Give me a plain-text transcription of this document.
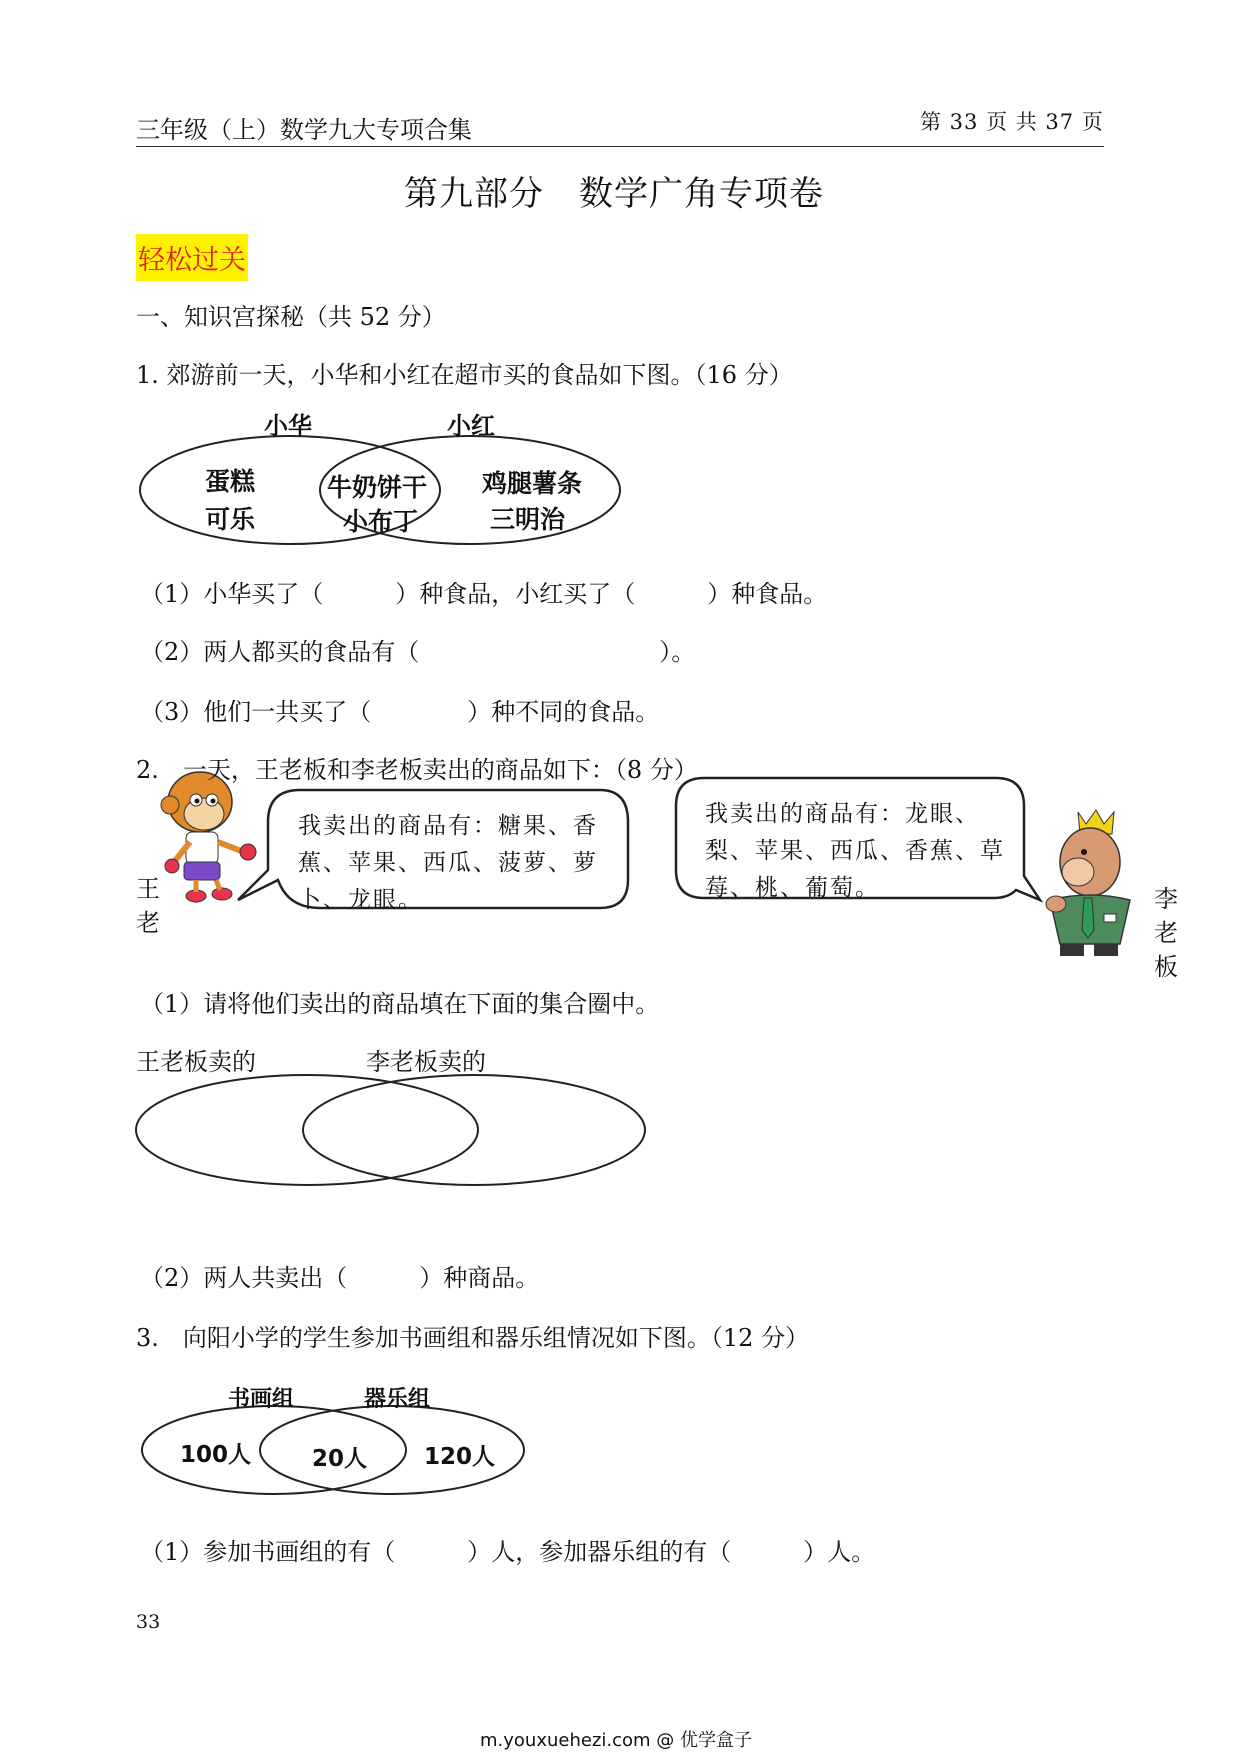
三年级（上）数学九大专项合集	第 33 页 共 37 页
第九部分　数学广角专项卷
轻松过关
一、知识宫探秘（共 52 分）
1. 郊游前一天，小华和小红在超市买的食品如下图。（16 分）
小华	小红
蛋糕
可乐
牛奶饼干
小布丁
鸡腿薯条
三明治
（1）小华买了（　　　）种食品，小红买了（　　　）种食品。
（2）两人都买的食品有（　　　　　　　　　　）。
（3）他们一共买了（　　　　）种不同的食品。
2.　一天，王老板和李老板卖出的商品如下：（8 分）
我卖出的商品有：糖果、香蕉、苹果、西瓜、菠萝、萝卜、龙眼。
我卖出的商品有：龙眼、梨、苹果、西瓜、香蕉、草莓、桃、葡萄。
王老
李老板
（1）请将他们卖出的商品填在下面的集合圈中。
王老板卖的	李老板卖的
（2）两人共卖出（　　　）种商品。
3.　向阳小学的学生参加书画组和器乐组情况如下图。（12 分）
书画组	器乐组
100人	20人 120人
（1）参加书画组的有（　　　）人，参加器乐组的有（　　　）人。
33
m.youxuehezi.com @ 优学盒子
